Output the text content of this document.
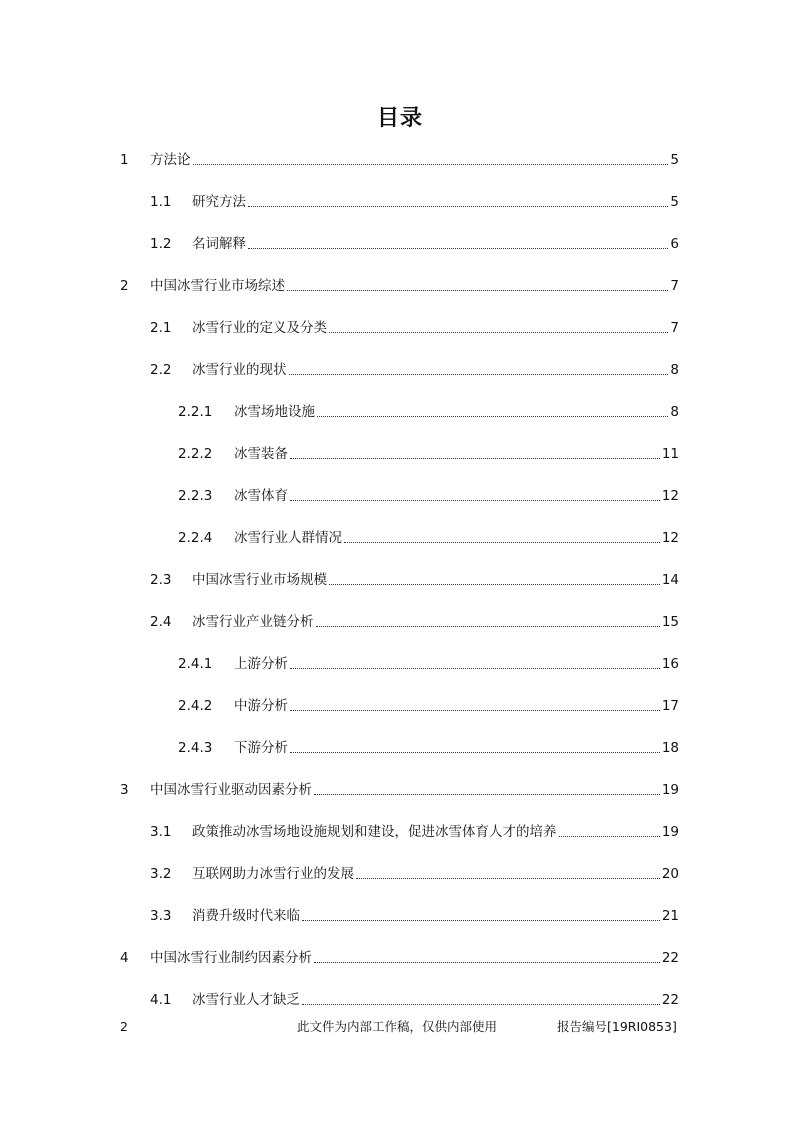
目录
1	方法论	5
1.1	研究方法	5
1.2	名词解释	6
2	中国冰雪行业市场综述	7
2.1	冰雪行业的定义及分类	7
2.2	冰雪行业的现状	8
2.2.1	冰雪场地设施	8
2.2.2	冰雪装备	11
2.2.3	冰雪体育	12
2.2.4	冰雪行业人群情况	12
2.3	中国冰雪行业市场规模	14
2.4	冰雪行业产业链分析	15
2.4.1	上游分析	16
2.4.2	中游分析	17
2.4.3	下游分析	18
3	中国冰雪行业驱动因素分析	19
3.1	政策推动冰雪场地设施规划和建设，促进冰雪体育人才的培养	19
3.2	互联网助力冰雪行业的发展	20
3.3	消费升级时代来临	21
4	中国冰雪行业制约因素分析	22
4.1	冰雪行业人才缺乏	22
2	此文件为内部工作稿，仅供内部使用	报告编号[19RI0853]
